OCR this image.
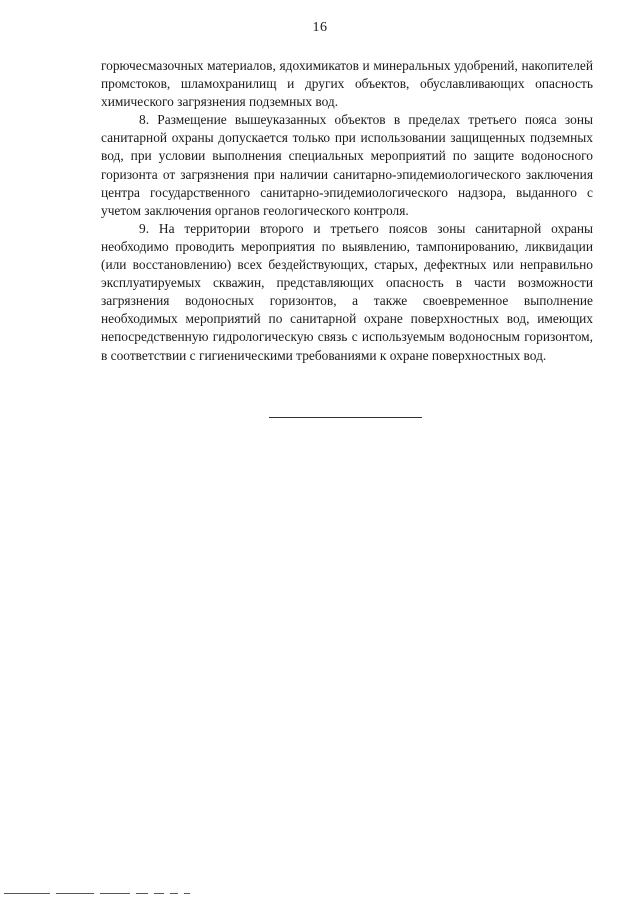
16

горючесмазочных материалов, ядохимикатов и минеральных удобрений, накопителей промстоков, шламохранилищ и других объектов, обуславливающих опасность химического загрязнения подземных вод.

8. Размещение вышеуказанных объектов в пределах третьего пояса зоны санитарной охраны допускается только при использовании защищенных подземных вод, при условии выполнения специальных мероприятий по защите водоносного горизонта от загрязнения при наличии санитарно-эпидемиологического заключения центра государственного санитарно-эпидемиологического надзора, выданного с учетом заключения органов геологического контроля.

9. На территории второго и третьего поясов зоны санитарной охраны необходимо проводить мероприятия по выявлению, тампонированию, ликвидации (или восстановлению) всех бездействующих, старых, дефектных или неправильно эксплуатируемых скважин, представляющих опасность в части возможности загрязнения водоносных горизонтов, а также своевременное выполнение необходимых мероприятий по санитарной охране поверхностных вод, имеющих непосредственную гидрологическую связь с используемым водоносным горизонтом, в соответствии с гигиеническими требованиями к охране поверхностных вод.
